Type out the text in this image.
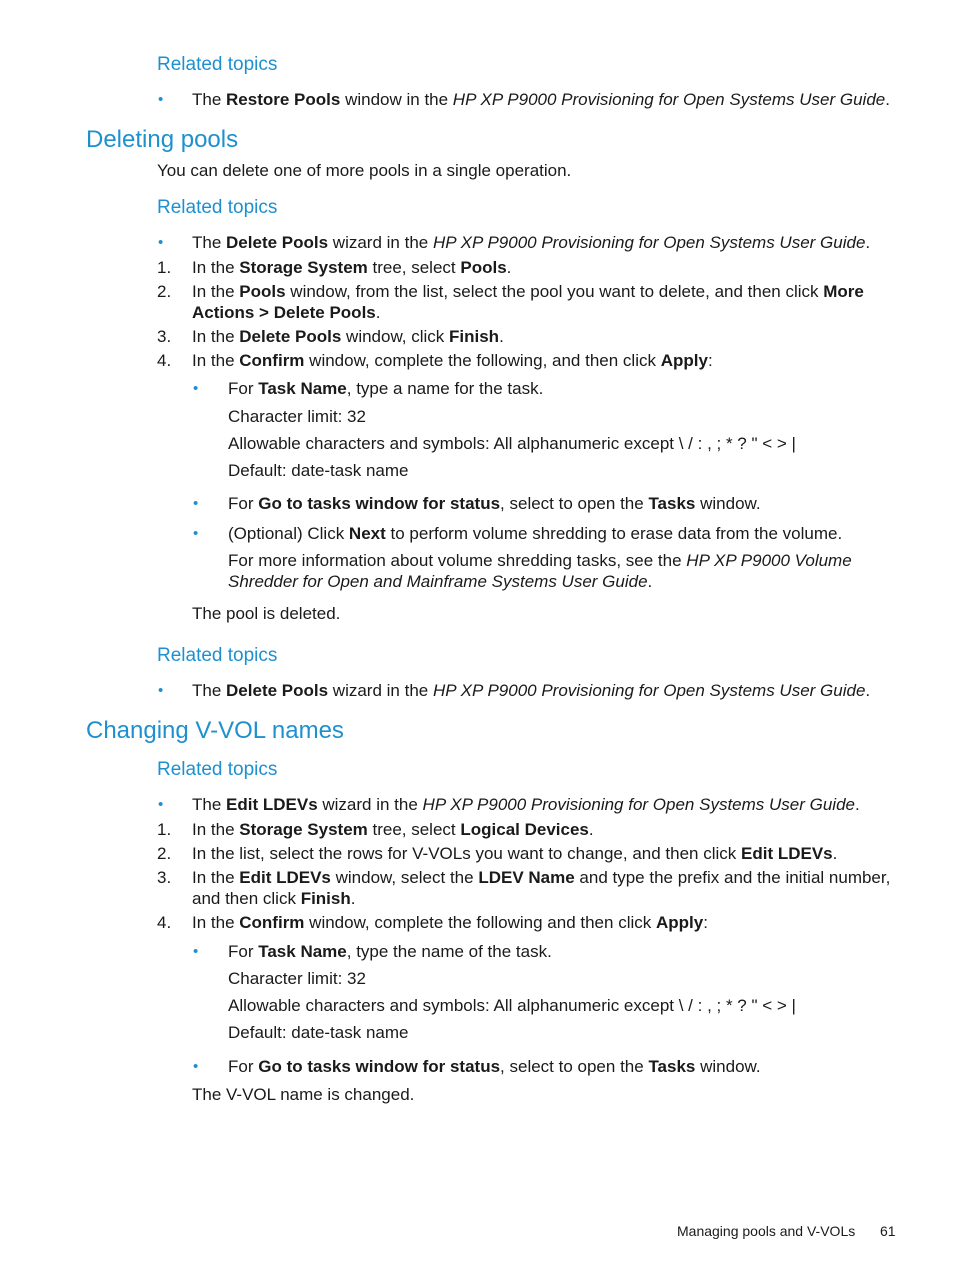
Related topics
• The Restore Pools window in the HP XP P9000 Provisioning for Open Systems User Guide.
Deleting pools
You can delete one of more pools in a single operation.
Related topics
• The Delete Pools wizard in the HP XP P9000 Provisioning for Open Systems User Guide.
1. In the Storage System tree, select Pools.
2. In the Pools window, from the list, select the pool you want to delete, and then click More
Actions > Delete Pools.
3. In the Delete Pools window, click Finish.
4. In the Confirm window, complete the following, and then click Apply:
• For Task Name, type a name for the task.
Character limit: 32
Allowable characters and symbols: All alphanumeric except \ / : , ; * ? " < > |
Default: date-task name
• For Go to tasks window for status, select to open the Tasks window.
• (Optional) Click Next to perform volume shredding to erase data from the volume.
For more information about volume shredding tasks, see the HP XP P9000 Volume
Shredder for Open and Mainframe Systems User Guide.
The pool is deleted.
Related topics
• The Delete Pools wizard in the HP XP P9000 Provisioning for Open Systems User Guide.
Changing V-VOL names
Related topics
• The Edit LDEVs wizard in the HP XP P9000 Provisioning for Open Systems User Guide.
1. In the Storage System tree, select Logical Devices.
2. In the list, select the rows for V-VOLs you want to change, and then click Edit LDEVs.
3. In the Edit LDEVs window, select the LDEV Name and type the prefix and the initial number,
and then click Finish.
4. In the Confirm window, complete the following and then click Apply:
• For Task Name, type the name of the task.
Character limit: 32
Allowable characters and symbols: All alphanumeric except \ / : , ; * ? " < > |
Default: date-task name
• For Go to tasks window for status, select to open the Tasks window.
The V-VOL name is changed.
Managing pools and V-VOLs 61
